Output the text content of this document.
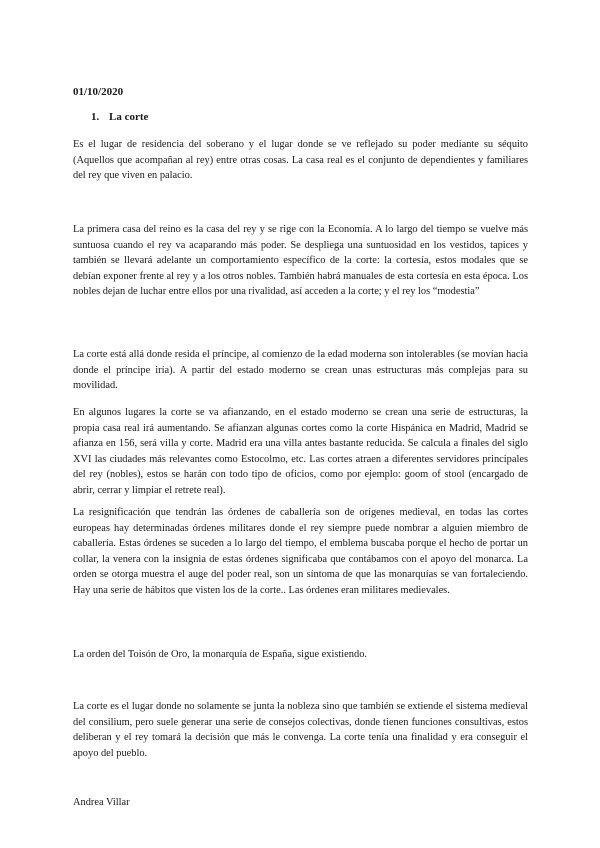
01/10/2020
1. La corte

Es el lugar de residencia del soberano y el lugar donde se ve reflejado su poder mediante su séquito (Aquellos que acompañan al rey) entre otras cosas. La casa real es el conjunto de dependientes y familiares del rey que viven en palacio.

La primera casa del reino es la casa del rey y se rige con la Economía. A lo largo del tiempo se vuelve más suntuosa cuando el rey va acaparando más poder. Se despliega una suntuosidad en los vestidos, tapices y también se llevará adelante un comportamiento específico de la corte: la cortesía, estos modales que se debían exponer frente al rey y a los otros nobles. También habrá manuales de esta cortesía en esta época. Los nobles dejan de luchar entre ellos por una rivalidad, así acceden a la corte; y el rey los “modestia”

La corte está allá donde resida el príncipe, al comienzo de la edad moderna son intolerables (se movían hacia donde el príncipe iría). A partir del estado moderno se crean unas estructuras más complejas para su movilidad.

En algunos lugares la corte se va afianzando, en el estado moderno se crean una serie de estructuras, la propia casa real irá aumentando. Se afianzan algunas cortes como la corte Hispánica en Madrid, Madrid se afianza en 156, será villa y corte. Madrid era una villa antes bastante reducida. Se calcula a finales del siglo XVI las ciudades más relevantes como Estocolmo, etc. Las cortes atraen a diferentes servidores principales del rey (nobles), estos se harán con todo tipo de oficios, como por ejemplo: goom of stool (encargado de abrir, cerrar y limpiar el retrete real).

La resignificación que tendrán las órdenes de caballería son de orígenes medieval, en todas las cortes europeas hay determinadas órdenes militares donde el rey siempre puede nombrar a alguien miembro de caballería. Estas órdenes se suceden a lo largo del tiempo, el emblema buscaba porque el hecho de portar un collar, la venera con la insignia de estas órdenes significaba que contábamos con el apoyo del monarca. La orden se otorga muestra el auge del poder real, son un síntoma de que las monarquías se van fortaleciendo. Hay una serie de hábitos que visten los de la corte.. Las órdenes eran militares medievales.

La orden del Toisón de Oro, la monarquía de España, sigue existiendo.

La corte es el lugar donde no solamente se junta la nobleza sino que también se extiende el sistema medieval del consilium, pero suele generar una serie de consejos colectivas, donde tienen funciones consultivas, estos deliberan y el rey tomará la decisión que más le convenga. La corte tenía una finalidad y era conseguir el apoyo del pueblo.

Andrea Villar
